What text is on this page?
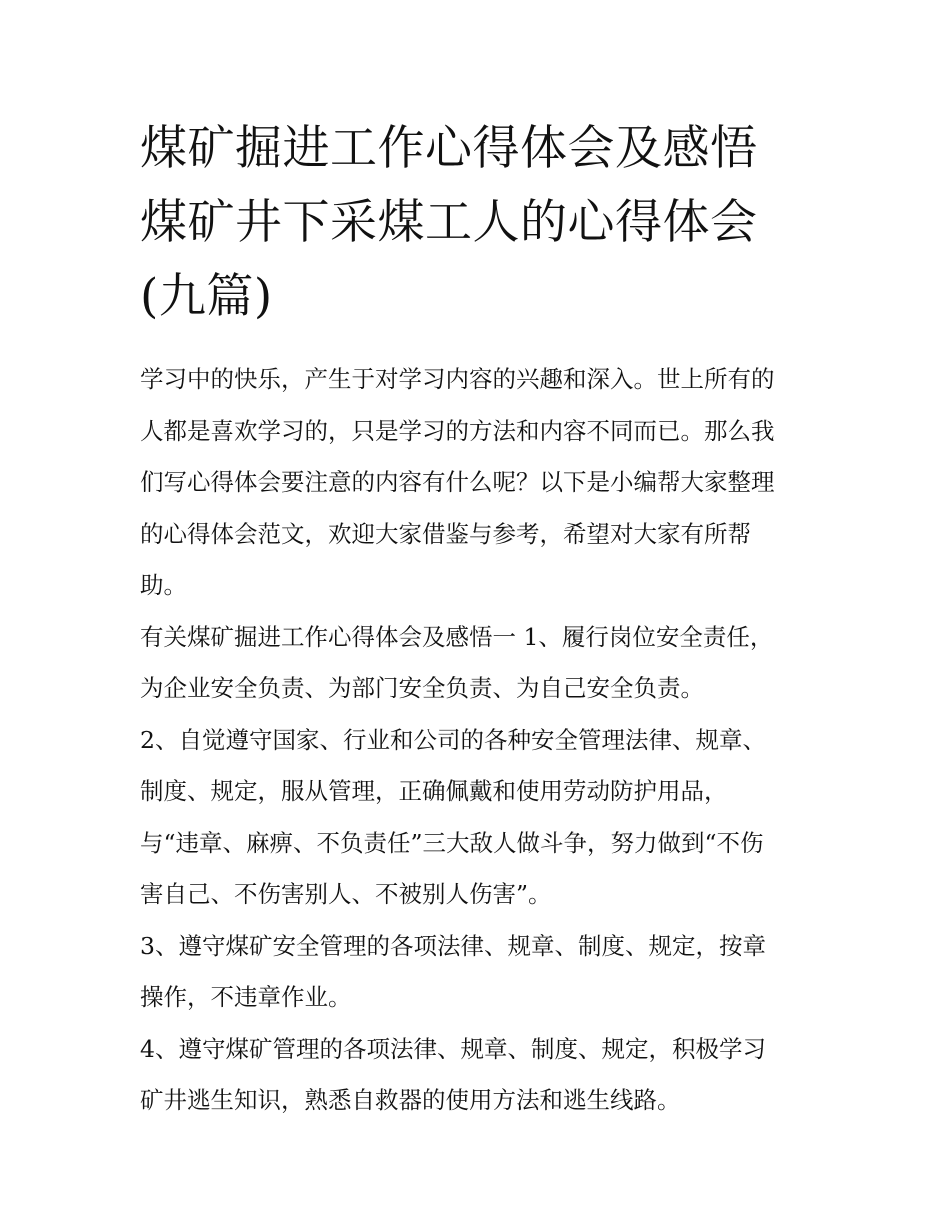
煤矿掘进工作心得体会及感悟
煤矿井下采煤工人的心得体会
(九篇)

学习中的快乐，产生于对学习内容的兴趣和深入。世上所有的
人都是喜欢学习的，只是学习的方法和内容不同而已。那么我
们写心得体会要注意的内容有什么呢？以下是小编帮大家整理
的心得体会范文，欢迎大家借鉴与参考，希望对大家有所帮
助。

有关煤矿掘进工作心得体会及感悟一 1、履行岗位安全责任，
为企业安全负责、为部门安全负责、为自己安全负责。

2、自觉遵守国家、行业和公司的各种安全管理法律、规章、
制度、规定，服从管理，正确佩戴和使用劳动防护用品，
与“违章、麻痹、不负责任”三大敌人做斗争，努力做到“不伤
害自己、不伤害别人、不被别人伤害”。

3、遵守煤矿安全管理的各项法律、规章、制度、规定，按章
操作，不违章作业。

4、遵守煤矿管理的各项法律、规章、制度、规定，积极学习
矿井逃生知识，熟悉自救器的使用方法和逃生线路。
